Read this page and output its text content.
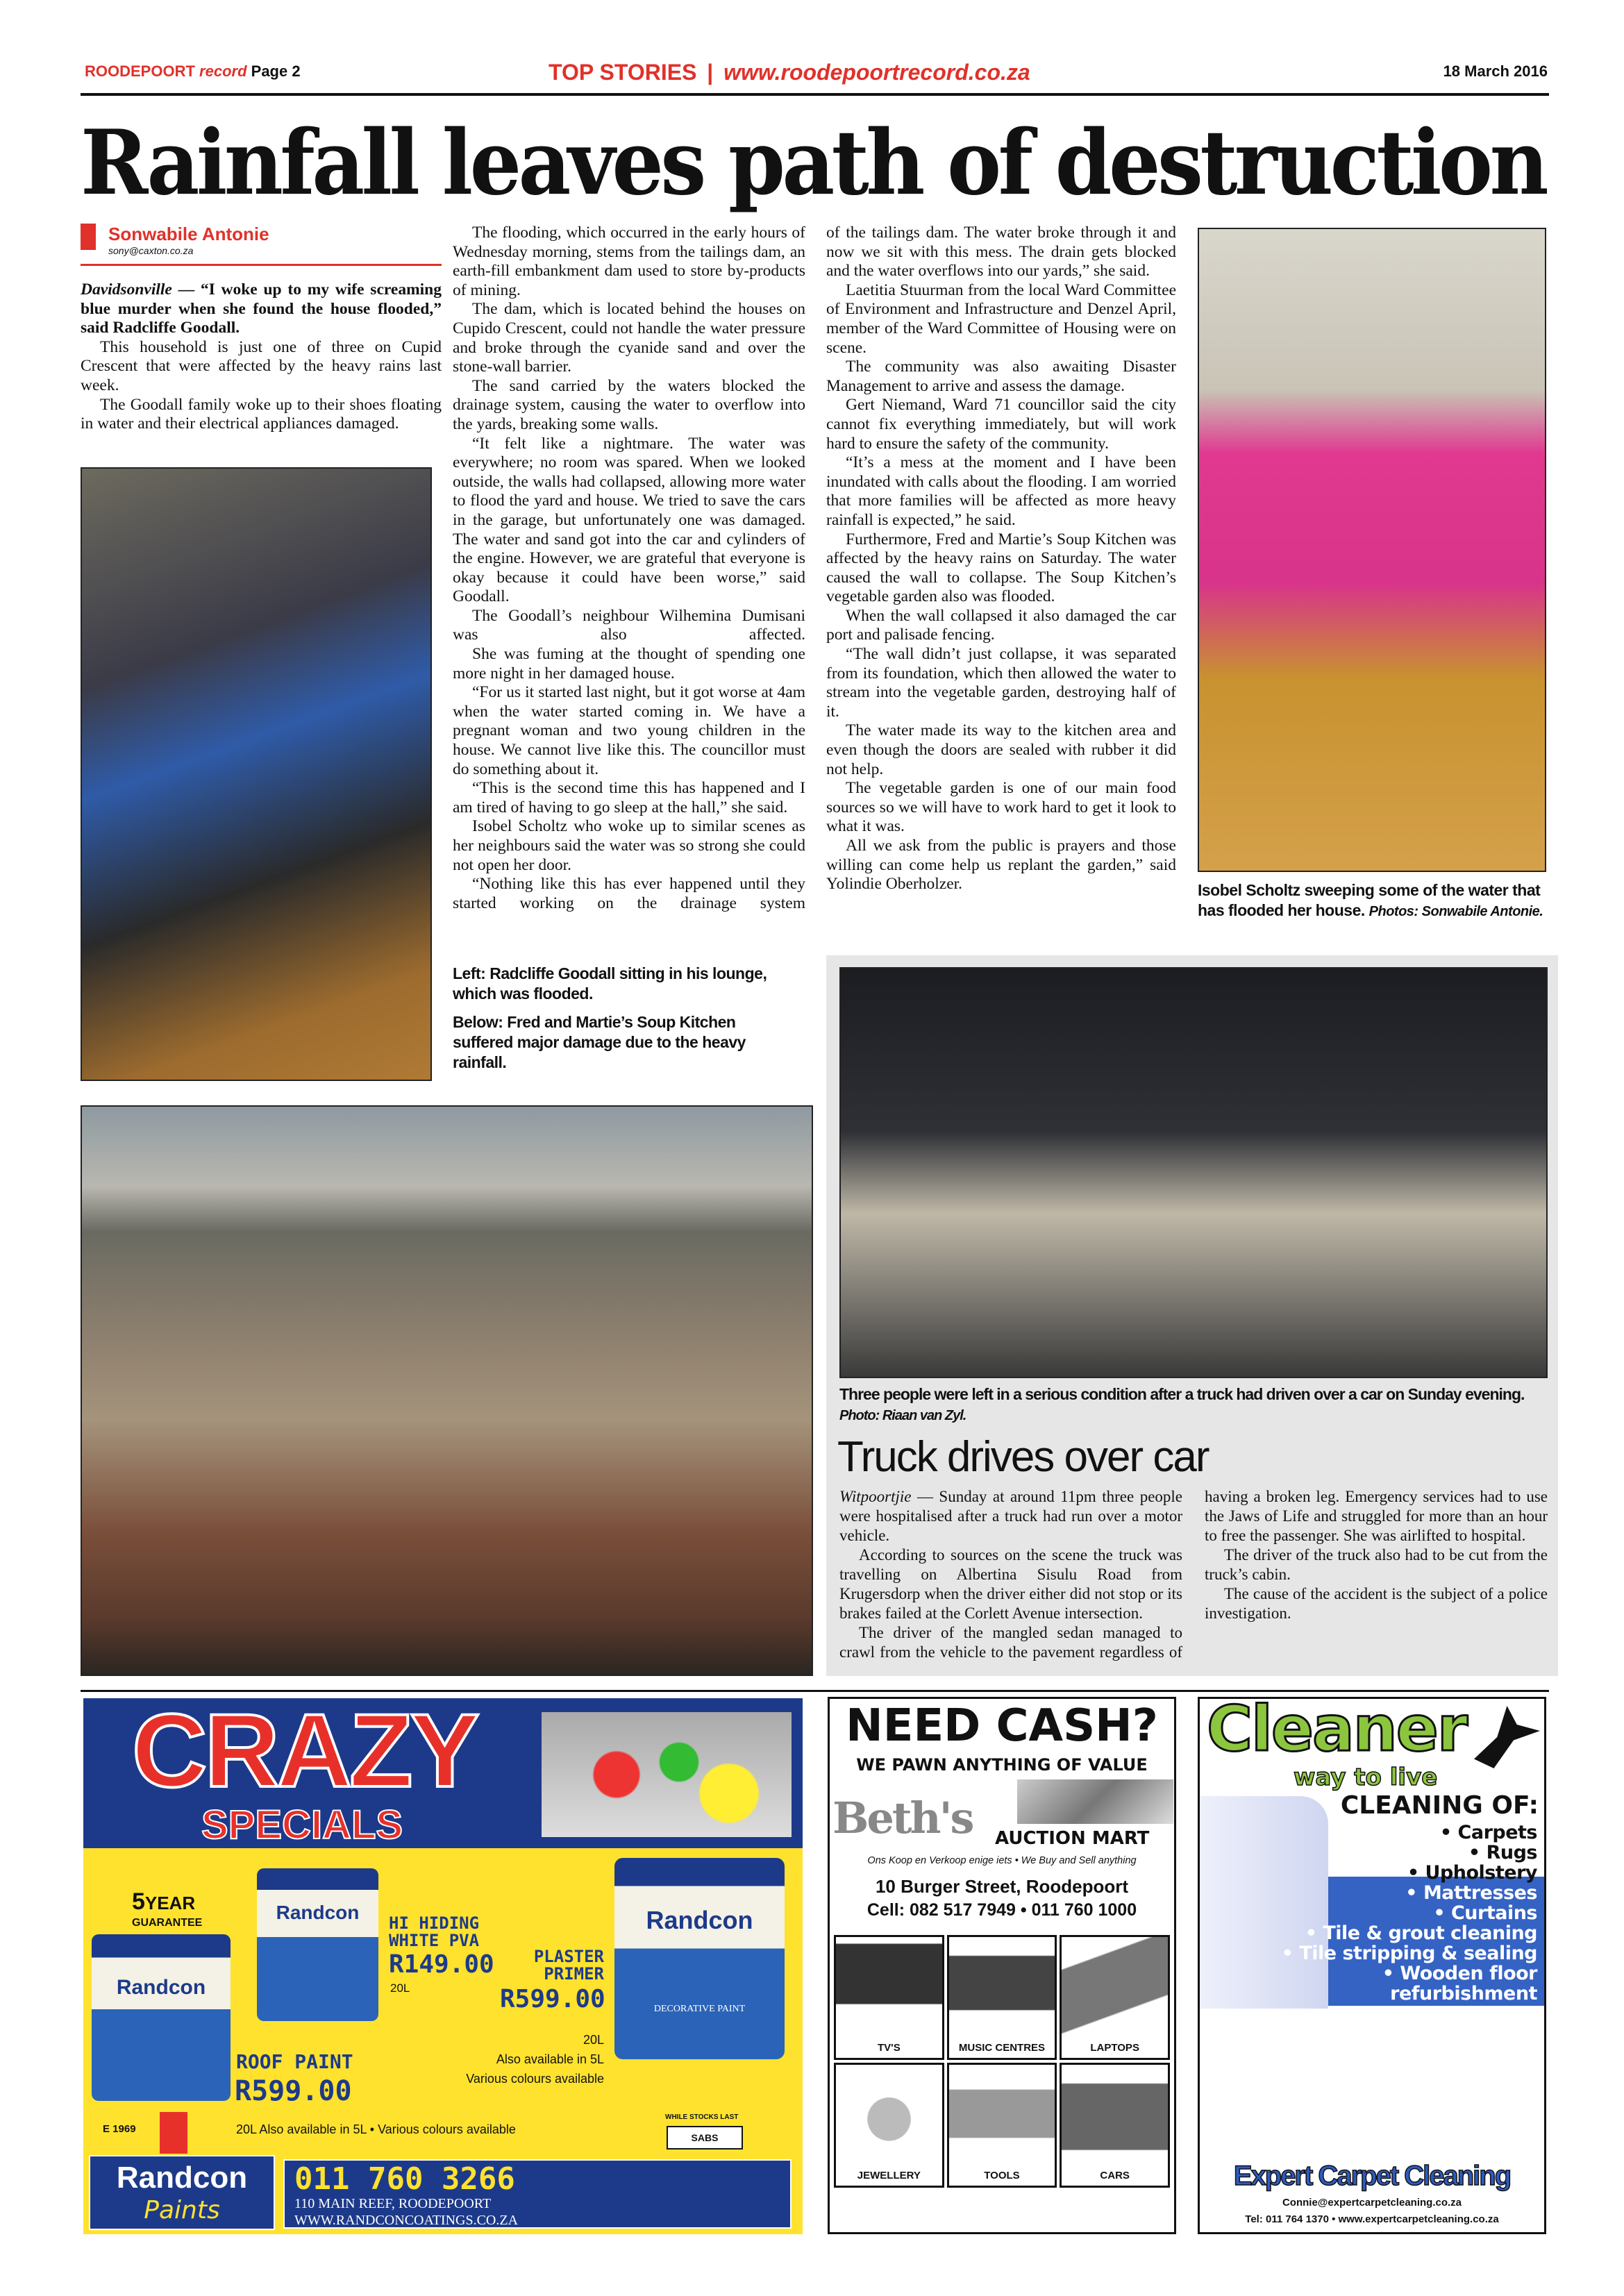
ROODEPOORT record Page 2	TOP STORIES | www.roodepoortrecord.co.za	18 March 2016
Rainfall leaves path of destruction
Sonwabile Antonie
sony@caxton.co.za

Davidsonville — “I woke up to my wife screaming blue murder when she found the house flooded,” said Radcliffe Goodall.

This household is just one of three on Cupid Crescent that were affected by the heavy rains last week.

The Goodall family woke up to their shoes floating in water and their electrical appliances damaged.

The flooding, which occurred in the early hours of Wednesday morning, stems from the tailings dam, an earth-fill embankment dam used to store by-products of mining.

The dam, which is located behind the houses on Cupido Crescent, could not handle the water pressure and broke through the cyanide sand and over the stone-wall barrier.

The sand carried by the waters blocked the drainage system, causing the water to overflow into the yards, breaking some walls.

“It felt like a nightmare. The water was everywhere; no room was spared. When we looked outside, the walls had collapsed, allowing more water to flood the yard and house. We tried to save the cars in the garage, but unfortunately one was damaged. The water and sand got into the car and cylinders of the engine. However, we are grateful that everyone is okay because it could have been worse,” said Goodall.

The Goodall’s neighbour Wilhemina Dumisani was also affected.

She was fuming at the thought of spending one more night in her damaged house.

“For us it started last night, but it got worse at 4am when the water started coming in. We have a pregnant woman and two young children in the house. We cannot live like this. The councillor must do something about it.

“This is the second time this has happened and I am tired of having to go sleep at the hall,” she said.

Isobel Scholtz who woke up to similar scenes as her neighbours said the water was so strong she could not open her door.

“Nothing like this has ever happened until they started working on the drainage system

Left: Radcliffe Goodall sitting in his lounge, which was flooded.
Below: Fred and Martie’s Soup Kitchen suffered major damage due to the heavy rainfall.

of the tailings dam. The water broke through it and now we sit with this mess. The drain gets blocked and the water overflows into our yards,” she said.

Laetitia Stuurman from the local Ward Committee of Environment and Infrastructure and Denzel April, member of the Ward Committee of Housing were on scene.

The community was also awaiting Disaster Management to arrive and assess the damage.

Gert Niemand, Ward 71 councillor said the city cannot fix everything immediately, but will work hard to ensure the safety of the community.

“It’s a mess at the moment and I have been inundated with calls about the flooding. I am worried that more families will be affected as more heavy rainfall is expected,” he said.

Furthermore, Fred and Martie’s Soup Kitchen was affected by the heavy rains on Saturday. The water caused the wall to collapse. The Soup Kitchen’s vegetable garden also was flooded.

When the wall collapsed it also damaged the car port and palisade fencing.

“The wall didn’t just collapse, it was separated from its foundation, which then allowed the water to stream into the vegetable garden, destroying half of it.

The water made its way to the kitchen area and even though the doors are sealed with rubber it did not help.

The vegetable garden is one of our main food sources so we will have to work hard to get it look to what it was.

All we ask from the public is prayers and those willing can come help us replant the garden,” said Yolindie Oberholzer.	Isobel Scholtz sweeping some of the water that has flooded her house. Photos: Sonwabile Antonie.
Three people were left in a serious condition after a truck had driven over a car on Sunday evening. Photo: Riaan van Zyl.
Truck drives over car

Witpoortjie — Sunday at around 11pm three people were hospitalised after a truck had run over a motor vehicle.

According to sources on the scene the truck was travelling on Albertina Sisulu Road from Krugersdorp when the driver either did not stop or its brakes failed at the Corlett Avenue intersection.

The driver of the mangled sedan managed to crawl from the vehicle to the pavement regardless of having a broken leg. Emergency services had to use the Jaws of Life and struggled for more than an hour to free the passenger. She was airlifted to hospital.

The driver of the truck also had to be cut from the truck’s cabin.

The cause of the accident is the subject of a police investigation.

CRAZY
SPECIALS
5YEAR
GUARANTEE
Randcon
Randcon	Randcon
DECORATIVE PAINT
HI HIDING WHITE PVA
R149.00
20L
PLASTER PRIMER
R599.00
20L
Also available in 5L
Various colours available
ROOF PAINT
R599.00
20L Also available in 5L • Various colours available
E 1969
WHILE STOCKS LAST
SABS
Randcon
Paints
011 760 3266
110 MAIN REEF, ROODEPOORT
WWW.RANDCONCOATINGS.CO.ZA
NEED CASH?
WE PAWN ANYTHING OF VALUE
Beth's AUCTION MART
Ons Koop en Verkoop enige iets • We Buy and Sell anything
10 Burger Street, Roodepoort
Cell: 082 517 7949 • 011 760 1000
TV'S	MUSIC CENTRES	LAPTOPS
JEWELLERY	TOOLS	CARS
Cleaner
way to live
CLEANING OF:
• Carpets
• Rugs
• Upholstery
• Mattresses
• Curtains
• Tile & grout cleaning
• Tile stripping & sealing
• Wooden floor
refurbishment
Expert Carpet Cleaning
Connie@expertcarpetcleaning.co.za
Tel: 011 764 1370 • www.expertcarpetcleaning.co.za
